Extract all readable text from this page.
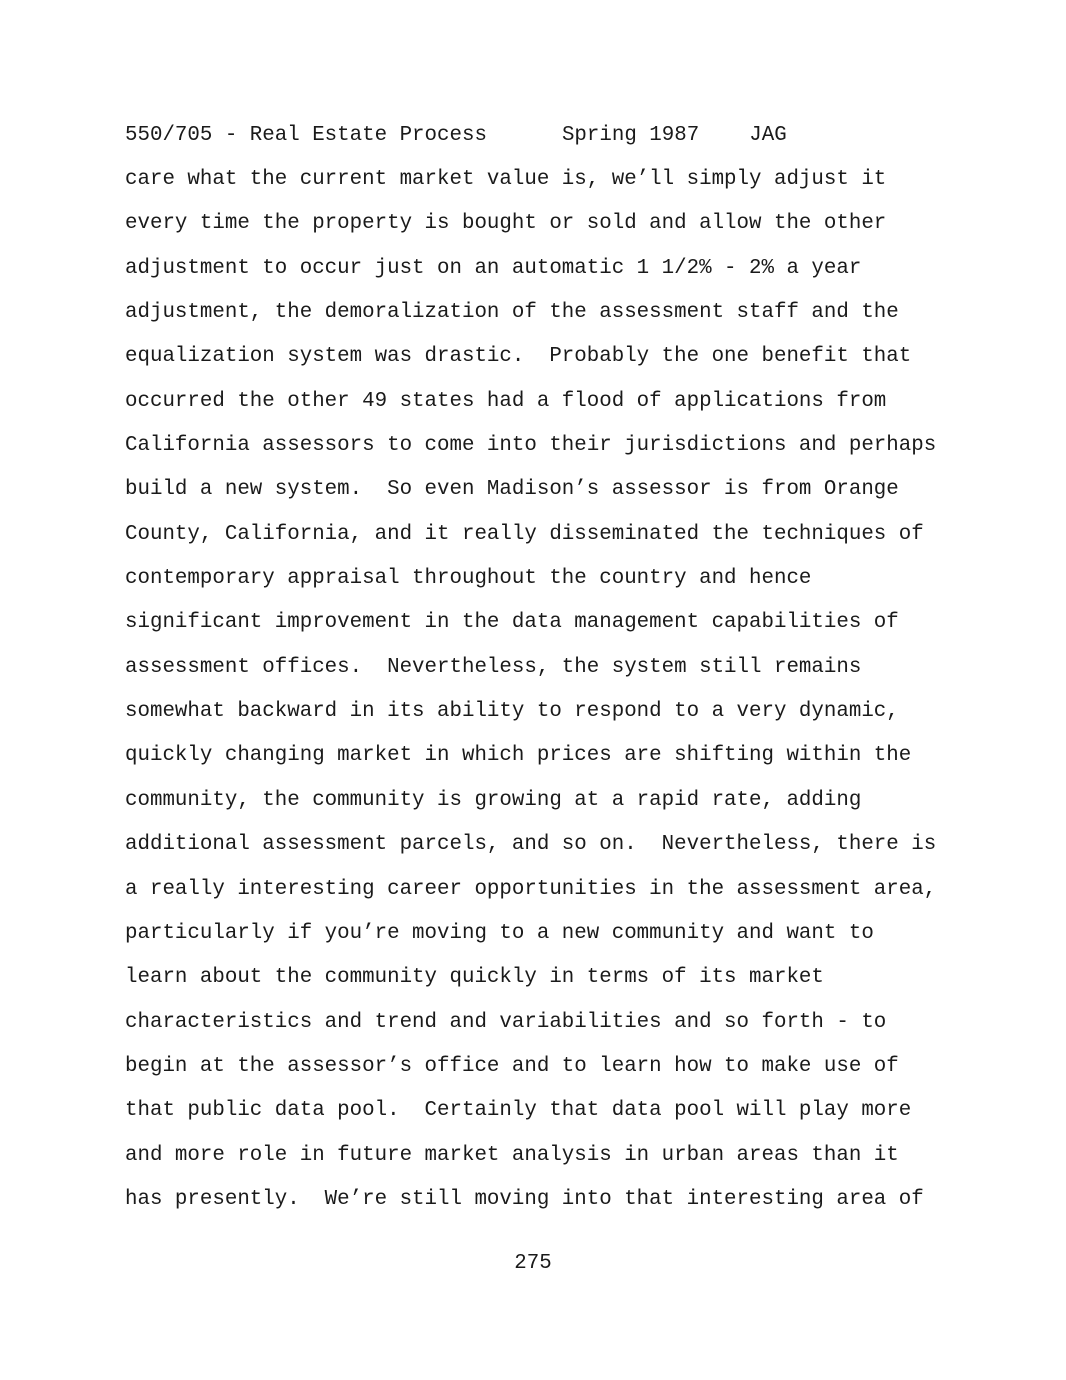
550/705 - Real Estate Process	Spring 1987 JAG
care what the current market value is, we’ll simply adjust it
every time the property is bought or sold and allow the other
adjustment to occur just on an automatic 1 1/2% - 2% a year
adjustment, the demoralization of the assessment staff and the
equalization system was drastic.  Probably the one benefit that
occurred the other 49 states had a flood of applications from
California assessors to come into their jurisdictions and perhaps
build a new system.  So even Madison’s assessor is from Orange
County, California, and it really disseminated the techniques of
contemporary appraisal throughout the country and hence
significant improvement in the data management capabilities of
assessment offices.  Nevertheless, the system still remains
somewhat backward in its ability to respond to a very dynamic,
quickly changing market in which prices are shifting within the
community, the community is growing at a rapid rate, adding
additional assessment parcels, and so on.  Nevertheless, there is
a really interesting career opportunities in the assessment area,
particularly if you’re moving to a new community and want to
learn about the community quickly in terms of its market
characteristics and trend and variabilities and so forth - to
begin at the assessor’s office and to learn how to make use of
that public data pool.  Certainly that data pool will play more
and more role in future market analysis in urban areas than it
has presently.  We’re still moving into that interesting area of
275
